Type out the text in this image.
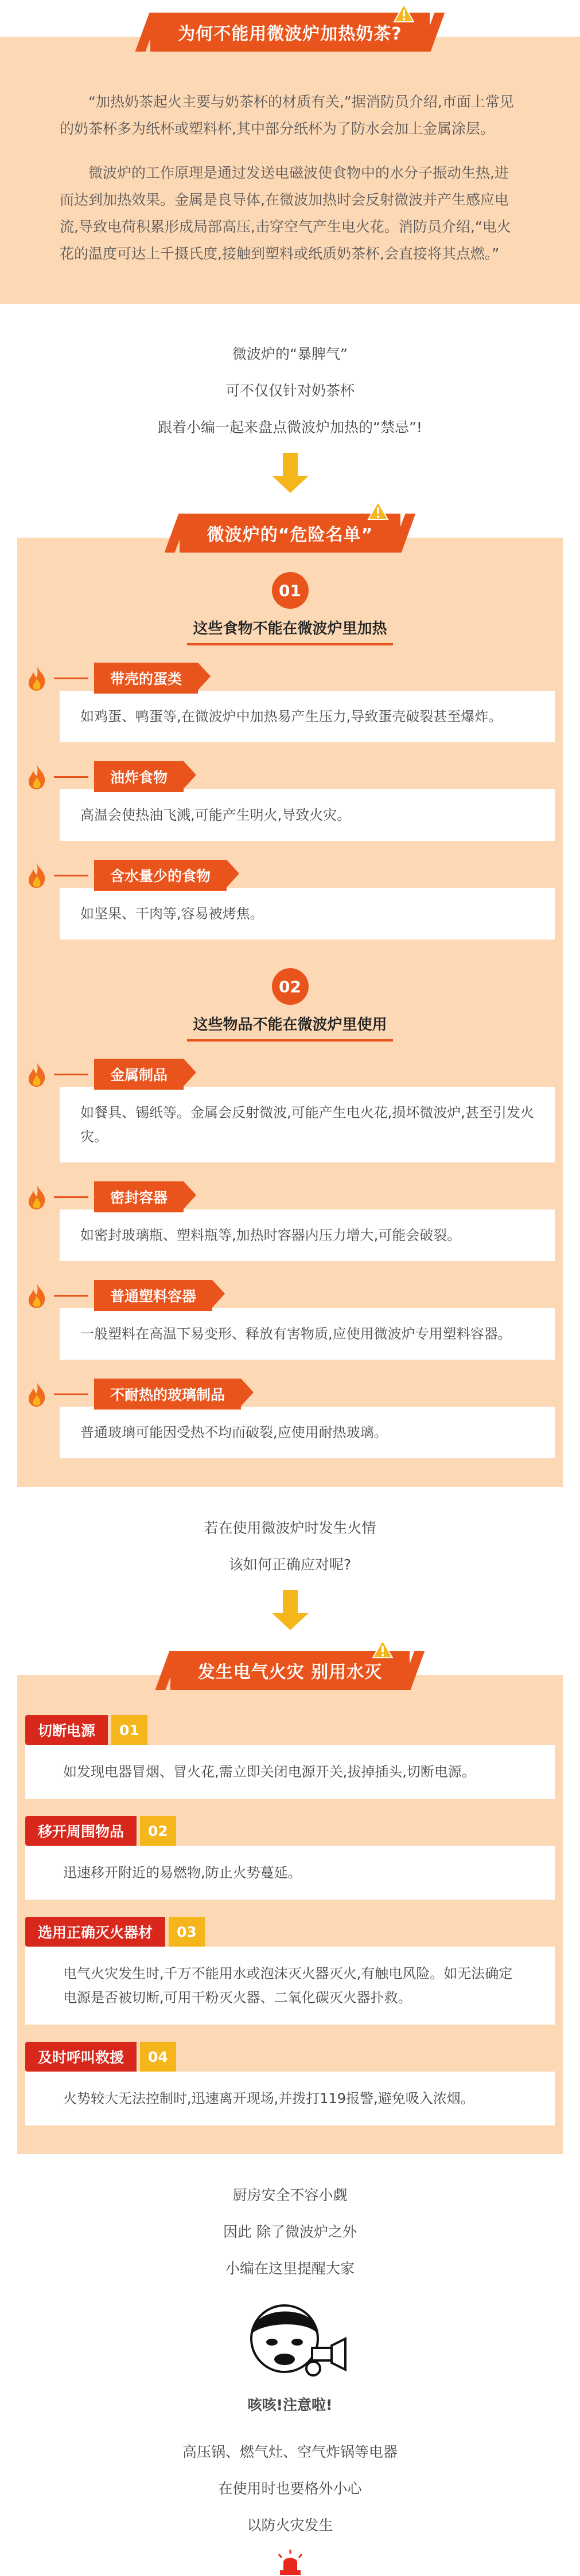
为何不能用微波炉加热奶茶?

“加热奶茶起火主要与奶茶杯的材质有关,”据消防员介绍,市面上常见的奶茶杯多为纸杯或塑料杯,其中部分纸杯为了防水会加上金属涂层。

微波炉的工作原理是通过发送电磁波使食物中的水分子振动生热,进而达到加热效果。金属是良导体,在微波加热时会反射微波并产生感应电流,导致电荷积累形成局部高压,击穿空气产生电火花。消防员介绍,“电火花的温度可达上千摄氏度,接触到塑料或纸质奶茶杯,会直接将其点燃。”

微波炉的“暴脾气”
可不仅仅针对奶茶杯
跟着小编一起来盘点微波炉加热的“禁忌”!
微波炉的“危险名单”
01
这些食物不能在微波炉里加热
带壳的蛋类
如鸡蛋、鸭蛋等,在微波炉中加热易产生压力,导致蛋壳破裂甚至爆炸。
油炸食物
高温会使热油飞溅,可能产生明火,导致火灾。
含水量少的食物
如坚果、干肉等,容易被烤焦。
02
这些物品不能在微波炉里使用
金属制品
如餐具、锡纸等。金属会反射微波,可能产生电火花,损坏微波炉,甚至引发火灾。
密封容器
如密封玻璃瓶、塑料瓶等,加热时容器内压力增大,可能会破裂。
普通塑料容器
一般塑料在高温下易变形、释放有害物质,应使用微波炉专用塑料容器。
不耐热的玻璃制品
普通玻璃可能因受热不均而破裂,应使用耐热玻璃。
若在使用微波炉时发生火情
该如何正确应对呢?
发生电气火灾 别用水灭
切断电源	01
如发现电器冒烟、冒火花,需立即关闭电源开关,拔掉插头,切断电源。
移开周围物品	02
迅速移开附近的易燃物,防止火势蔓延。
选用正确灭火器材	03
电气火灾发生时,千万不能用水或泡沫灭火器灭火,有触电风险。如无法确定电源是否被切断,可用干粉灭火器、二氧化碳灭火器扑救。
及时呼叫救援	04
火势较大无法控制时,迅速离开现场,并拨打119报警,避免吸入浓烟。
厨房安全不容小觑
因此 除了微波炉之外
小编在这里提醒大家
咳咳!注意啦!
高压锅、燃气灶、空气炸锅等电器
在使用时也要格外小心
以防火灾发生
